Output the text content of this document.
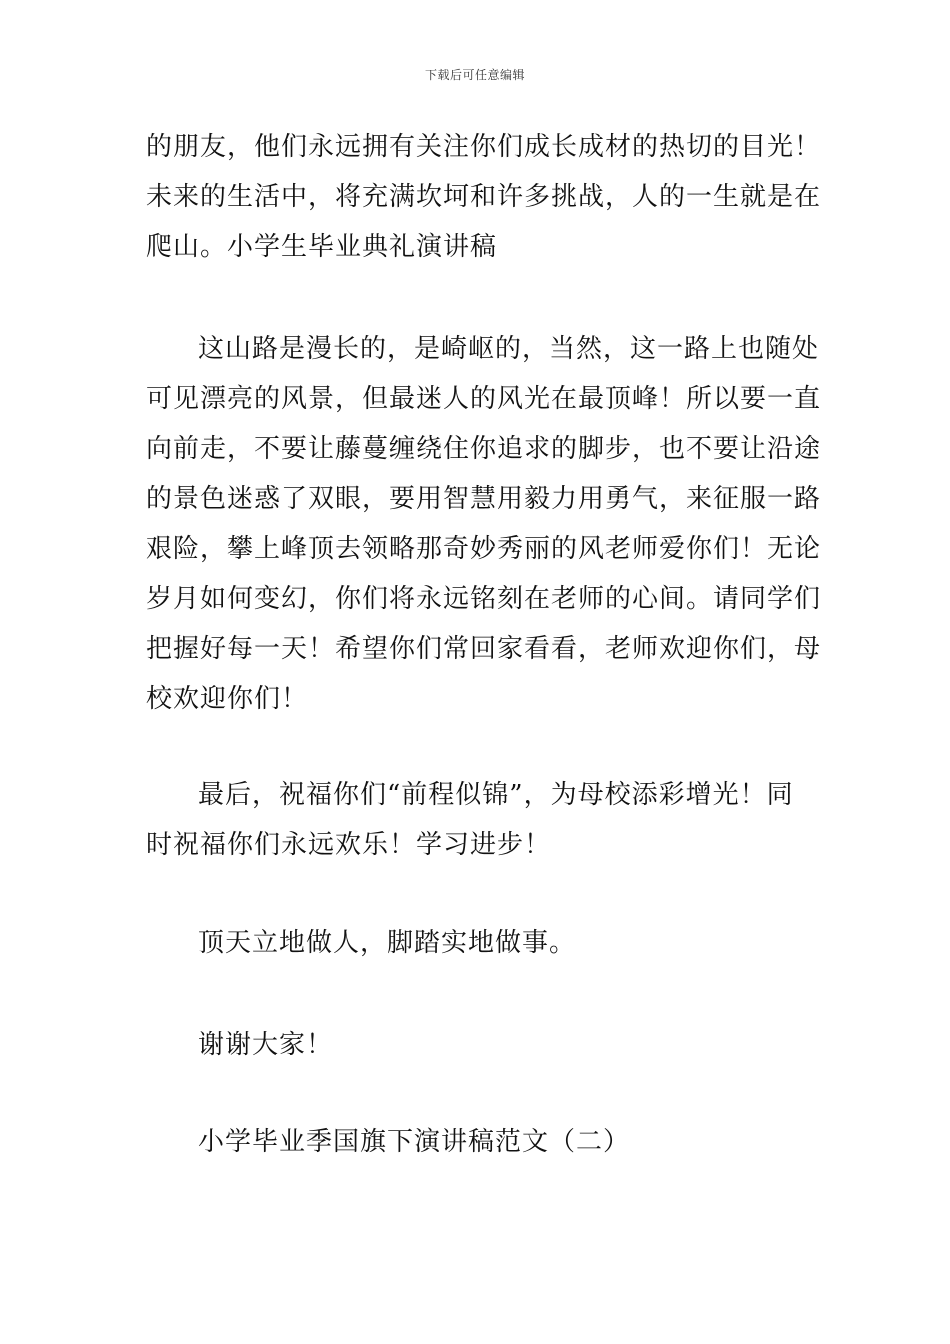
下载后可任意编辑

的朋友，他们永远拥有关注你们成长成材的热切的目光！
未来的生活中，将充满坎坷和许多挑战，人的一生就是在
爬山。小学生毕业典礼演讲稿

这山路是漫长的，是崎岖的，当然，这一路上也随处
可见漂亮的风景，但最迷人的风光在最顶峰！所以要一直
向前走，不要让藤蔓缠绕住你追求的脚步，也不要让沿途
的景色迷惑了双眼，要用智慧用毅力用勇气，来征服一路
艰险，攀上峰顶去领略那奇妙秀丽的风老师爱你们！无论
岁月如何变幻，你们将永远铭刻在老师的心间。请同学们
把握好每一天！希望你们常回家看看，老师欢迎你们，母
校欢迎你们！

最后，祝福你们“前程似锦”，为母校添彩增光！同
时祝福你们永远欢乐！学习进步！

顶天立地做人，脚踏实地做事。

谢谢大家！

小学毕业季国旗下演讲稿范文（二）
